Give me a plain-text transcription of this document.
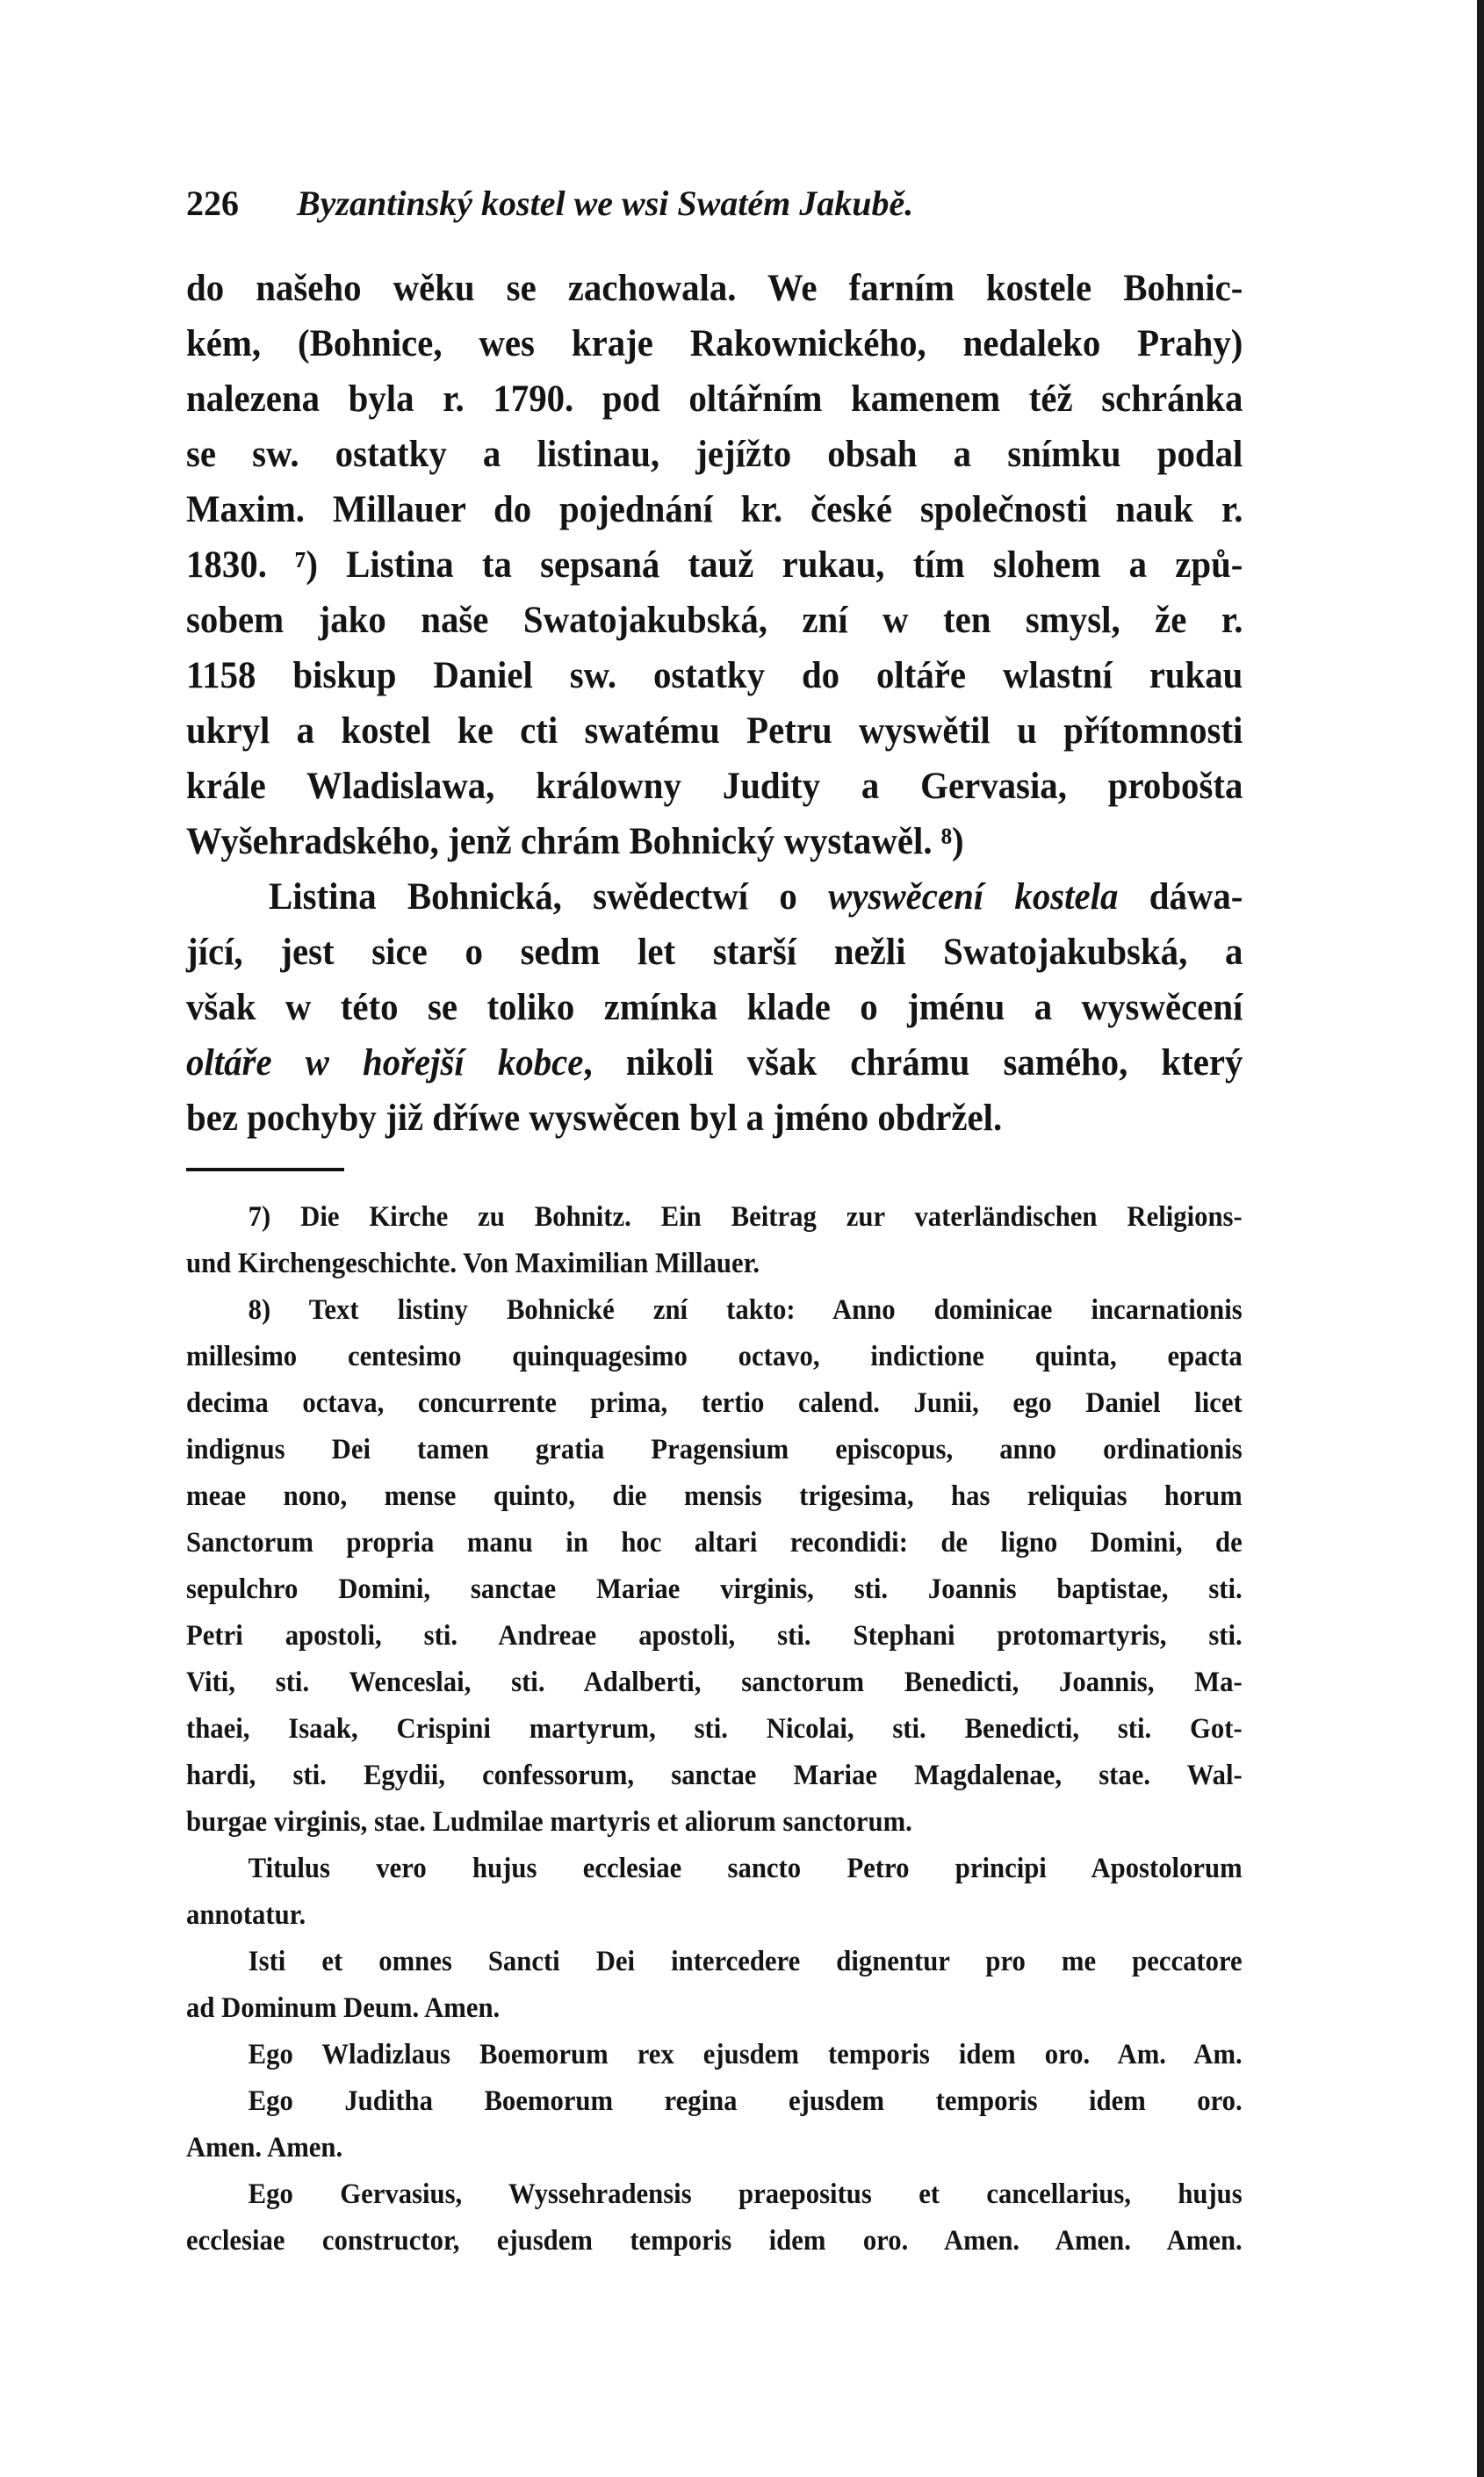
226 Byzantinský kostel we wsi Swatém Jakubě.
do našeho wěku se zachowala. We farním kostele Bohnic-
kém, (Bohnice, wes kraje Rakownického, nedaleko Prahy)
nalezena byla r. 1790. pod oltářním kamenem též schránka
se sw. ostatky a listinau, jejížto obsah a snímku podal
Maxim. Millauer do pojednání kr. české společnosti nauk r.
1830. ⁷) Listina ta sepsaná tauž rukau, tím slohem a způ-
sobem jako naše Swatojakubská, zní w ten smysl, že r.
1158 biskup Daniel sw. ostatky do oltáře wlastní rukau
ukryl a kostel ke cti swatému Petru wyswětil u přítomnosti
krále Wladislawa, králowny Judity a Gervasia, probošta
Wyšehradského, jenž chrám Bohnický wystawěl. ⁸)
Listina Bohnická, swědectwí o wyswěcení kostela dáwa-
jící, jest sice o sedm let starší nežli Swatojakubská, a
však w této se toliko zmínka klade o jménu a wyswěcení
oltáře w hořejší kobce, nikoli však chrámu samého, který
bez pochyby již dříwe wyswěcen byl a jméno obdržel.
7) Die Kirche zu Bohnitz. Ein Beitrag zur vaterländischen Religions-
und Kirchengeschichte. Von Maximilian Millauer.
8) Text listiny Bohnické zní takto: Anno dominicae incarnationis
millesimo centesimo quinquagesimo octavo, indictione quinta, epacta
decima octava, concurrente prima, tertio calend. Junii, ego Daniel licet
indignus Dei tamen gratia Pragensium episcopus, anno ordinationis
meae nono, mense quinto, die mensis trigesima, has reliquias horum
Sanctorum propria manu in hoc altari recondidi: de ligno Domini, de
sepulchro Domini, sanctae Mariae virginis, sti. Joannis baptistae, sti.
Petri apostoli, sti. Andreae apostoli, sti. Stephani protomartyris, sti.
Viti, sti. Wenceslai, sti. Adalberti, sanctorum Benedicti, Joannis, Ma-
thaei, Isaak, Crispini martyrum, sti. Nicolai, sti. Benedicti, sti. Got-
hardi, sti. Egydii, confessorum, sanctae Mariae Magdalenae, stae. Wal-
burgae virginis, stae. Ludmilae martyris et aliorum sanctorum.
Titulus vero hujus ecclesiae sancto Petro principi Apostolorum
annotatur.
Isti et omnes Sancti Dei intercedere dignentur pro me peccatore
ad Dominum Deum. Amen.
Ego Wladizlaus Boemorum rex ejusdem temporis idem oro. Am. Am.
Ego Juditha Boemorum regina ejusdem temporis idem oro.
Amen. Amen.
Ego Gervasius, Wyssehradensis praepositus et cancellarius, hujus
ecclesiae constructor, ejusdem temporis idem oro. Amen. Amen. Amen.
